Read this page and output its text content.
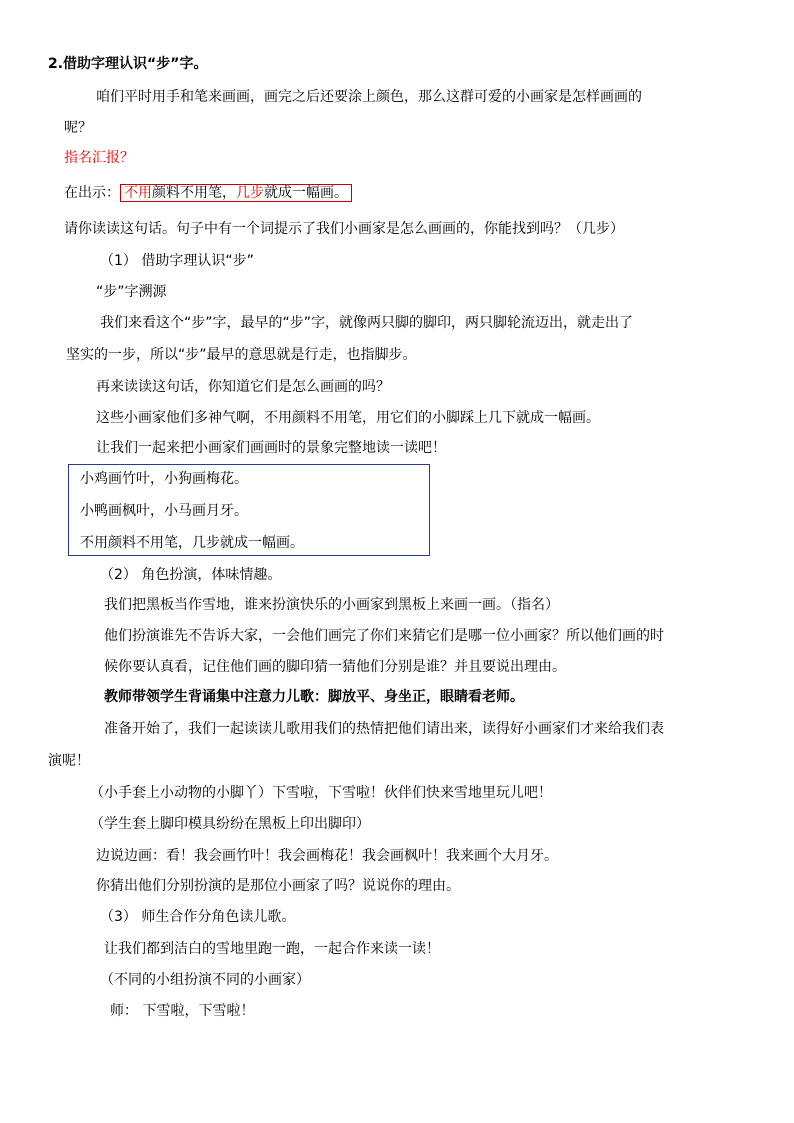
2.借助字理认识“步”字。
咱们平时用手和笔来画画，画完之后还要涂上颜色，那么这群可爱的小画家是怎样画画的
呢？
指名汇报？
在出示： 不用颜料不用笔，几步就成一幅画。
请你读读这句话。句子中有一个词提示了我们小画家是怎么画画的，你能找到吗？（几步）
（1） 借助字理认识“步”
“步”字溯源
我们来看这个“步”字，最早的“步”字，就像两只脚的脚印，两只脚轮流迈出，就走出了
坚实的一步，所以“步”最早的意思就是行走，也指脚步。
再来读读这句话，你知道它们是怎么画画的吗？
这些小画家他们多神气啊，不用颜料不用笔，用它们的小脚踩上几下就成一幅画。
让我们一起来把小画家们画画时的景象完整地读一读吧！
小鸡画竹叶，小狗画梅花。
小鸭画枫叶，小马画月牙。
不用颜料不用笔，几步就成一幅画。
（2） 角色扮演，体味情趣。
我们把黑板当作雪地，谁来扮演快乐的小画家到黑板上来画一画。（指名）
他们扮演谁先不告诉大家，一会他们画完了你们来猜它们是哪一位小画家？所以他们画的时
候你要认真看，记住他们画的脚印猜一猜他们分别是谁？并且要说出理由。
教师带领学生背诵集中注意力儿歌：脚放平、身坐正，眼睛看老师。
准备开始了，我们一起读读儿歌用我们的热情把他们请出来，读得好小画家们才来给我们表
演呢！
（小手套上小动物的小脚丫）下雪啦，下雪啦！伙伴们快来雪地里玩儿吧！
（学生套上脚印模具纷纷在黑板上印出脚印）
边说边画：看！我会画竹叶！我会画梅花！我会画枫叶！我来画个大月牙。
你猜出他们分别扮演的是那位小画家了吗？说说你的理由。
（3） 师生合作分角色读儿歌。
让我们都到洁白的雪地里跑一跑，一起合作来读一读！
（不同的小组扮演不同的小画家）
师： 下雪啦，下雪啦！
